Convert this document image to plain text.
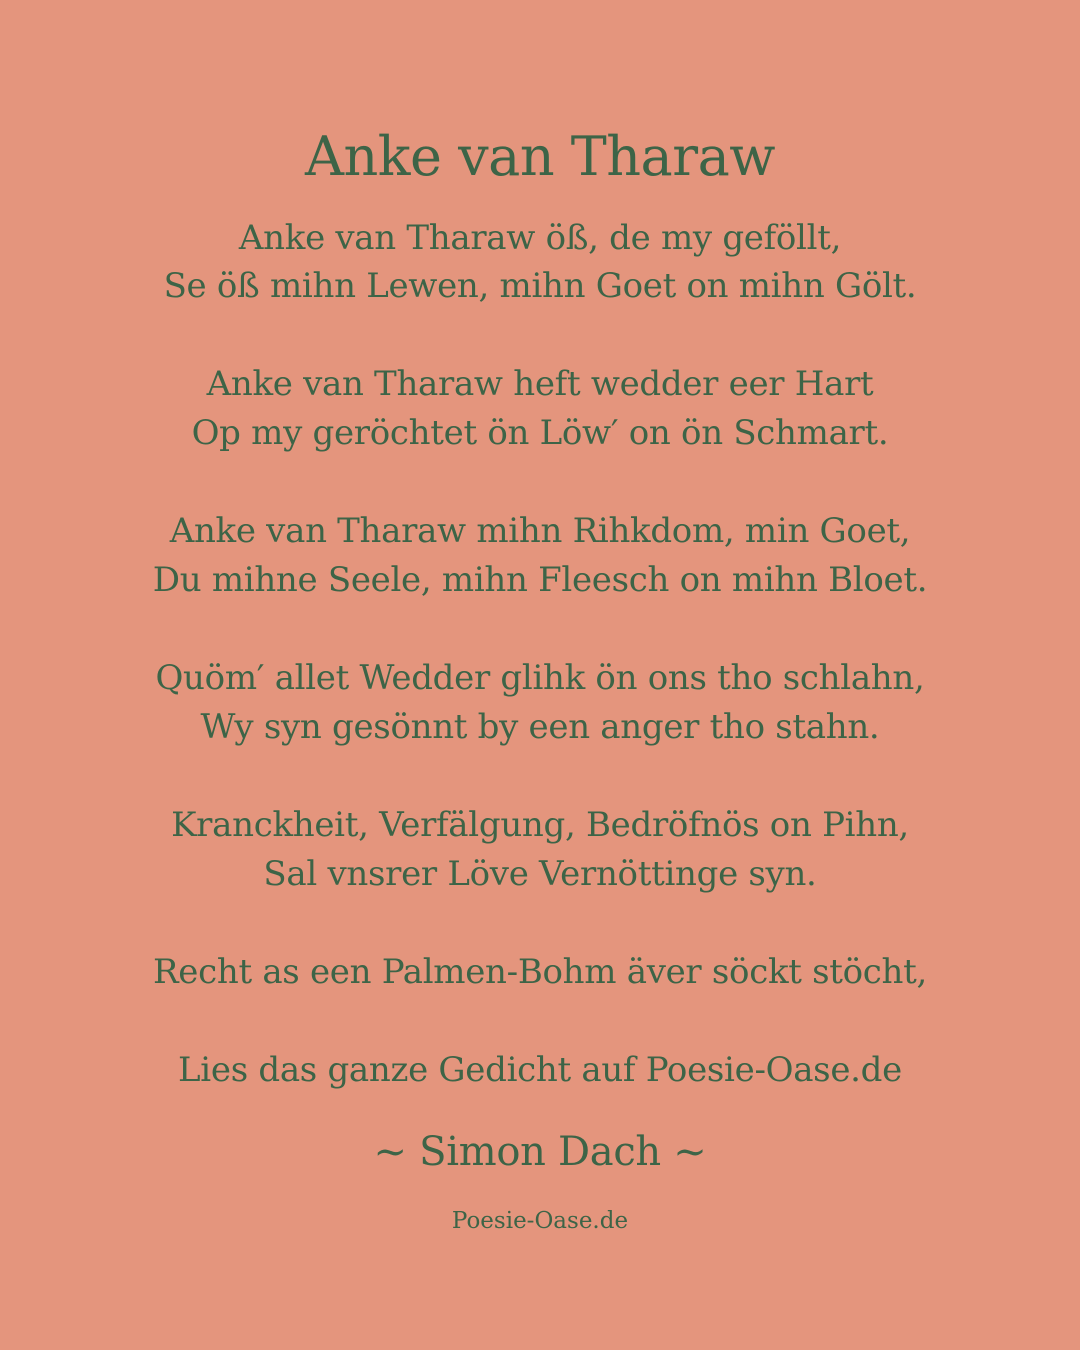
Anke van Tharaw
Anke van Tharaw öß, de my geföllt,
Se öß mihn Lewen, mihn Goet on mihn Gölt.
Anke van Tharaw heft wedder eer Hart
Op my geröchtet ön Löw′ on ön Schmart.
Anke van Tharaw mihn Rihkdom, min Goet,
Du mihne Seele, mihn Fleesch on mihn Bloet.
Quöm′ allet Wedder glihk ön ons tho schlahn,
Wy syn gesönnt by een anger tho stahn.
Kranckheit, Verfälgung, Bedröfnös on Pihn,
Sal vnsrer Löve Vernöttinge syn.
Recht as een Palmen-Bohm äver söckt stöcht,
Lies das ganze Gedicht auf Poesie-Oase.de
~ Simon Dach ~
Poesie-Oase.de
